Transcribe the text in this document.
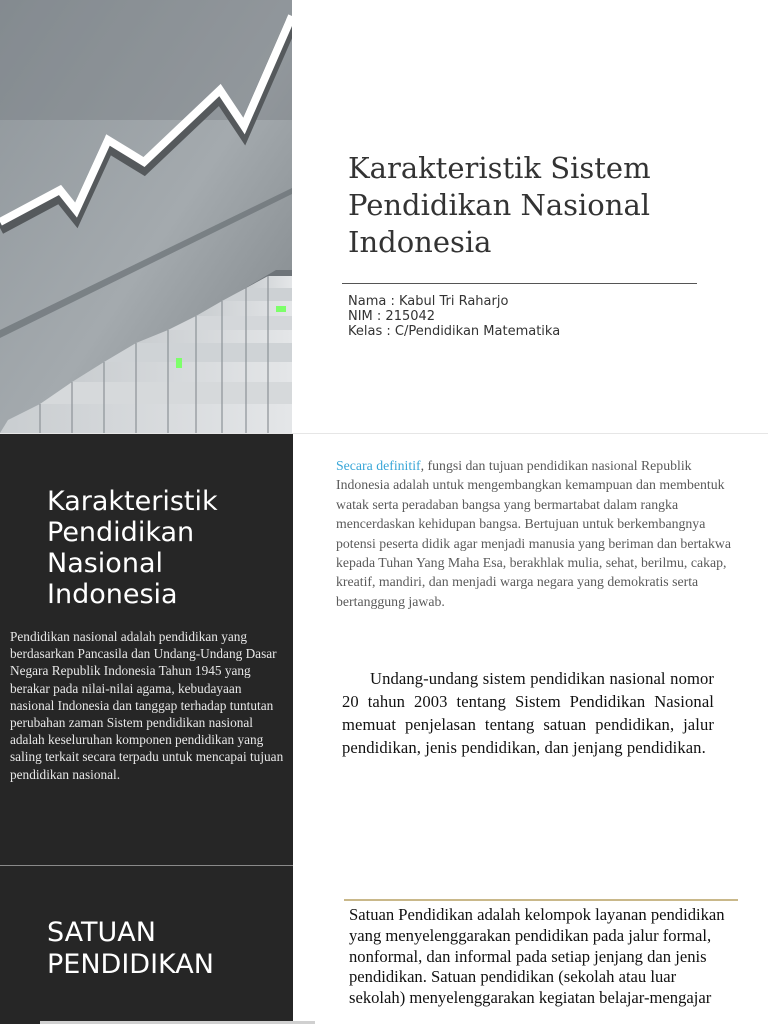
Karakteristik Sistem Pendidikan Nasional Indonesia
Nama : Kabul Tri Raharjo
NIM : 215042
Kelas : C/Pendidikan Matematika
Karakteristik Pendidikan Nasional Indonesia

Pendidikan nasional adalah pendidikan yang berdasarkan Pancasila dan Undang-Undang Dasar Negara Republik Indonesia Tahun 1945 yang berakar pada nilai-nilai agama, kebudayaan nasional Indonesia dan tanggap terhadap tuntutan perubahan zaman Sistem pendidikan nasional adalah keseluruhan komponen pendidikan yang saling terkait secara terpadu untuk mencapai tujuan pendidikan nasional.

Secara definitif, fungsi dan tujuan pendidikan nasional Republik Indonesia adalah untuk mengembangkan kemampuan dan membentuk watak serta peradaban bangsa yang bermartabat dalam rangka mencerdaskan kehidupan bangsa. Bertujuan untuk berkembangnya potensi peserta didik agar menjadi manusia yang beriman dan bertakwa kepada Tuhan Yang Maha Esa, berakhlak mulia, sehat, berilmu, cakap, kreatif, mandiri, dan menjadi warga negara yang demokratis serta bertanggung jawab.

Undang-undang sistem pendidikan nasional nomor 20 tahun 2003 tentang Sistem Pendidikan Nasional memuat penjelasan tentang satuan pendidikan, jalur pendidikan, jenis pendidikan, dan jenjang pendidikan.

SATUAN PENDIDIKAN

Satuan Pendidikan adalah kelompok layanan pendidikan yang menyelenggarakan pendidikan pada jalur formal, nonformal, dan informal pada setiap jenjang dan jenis pendidikan. Satuan pendidikan (sekolah atau luar sekolah) menyelenggarakan kegiatan belajar-mengajar
